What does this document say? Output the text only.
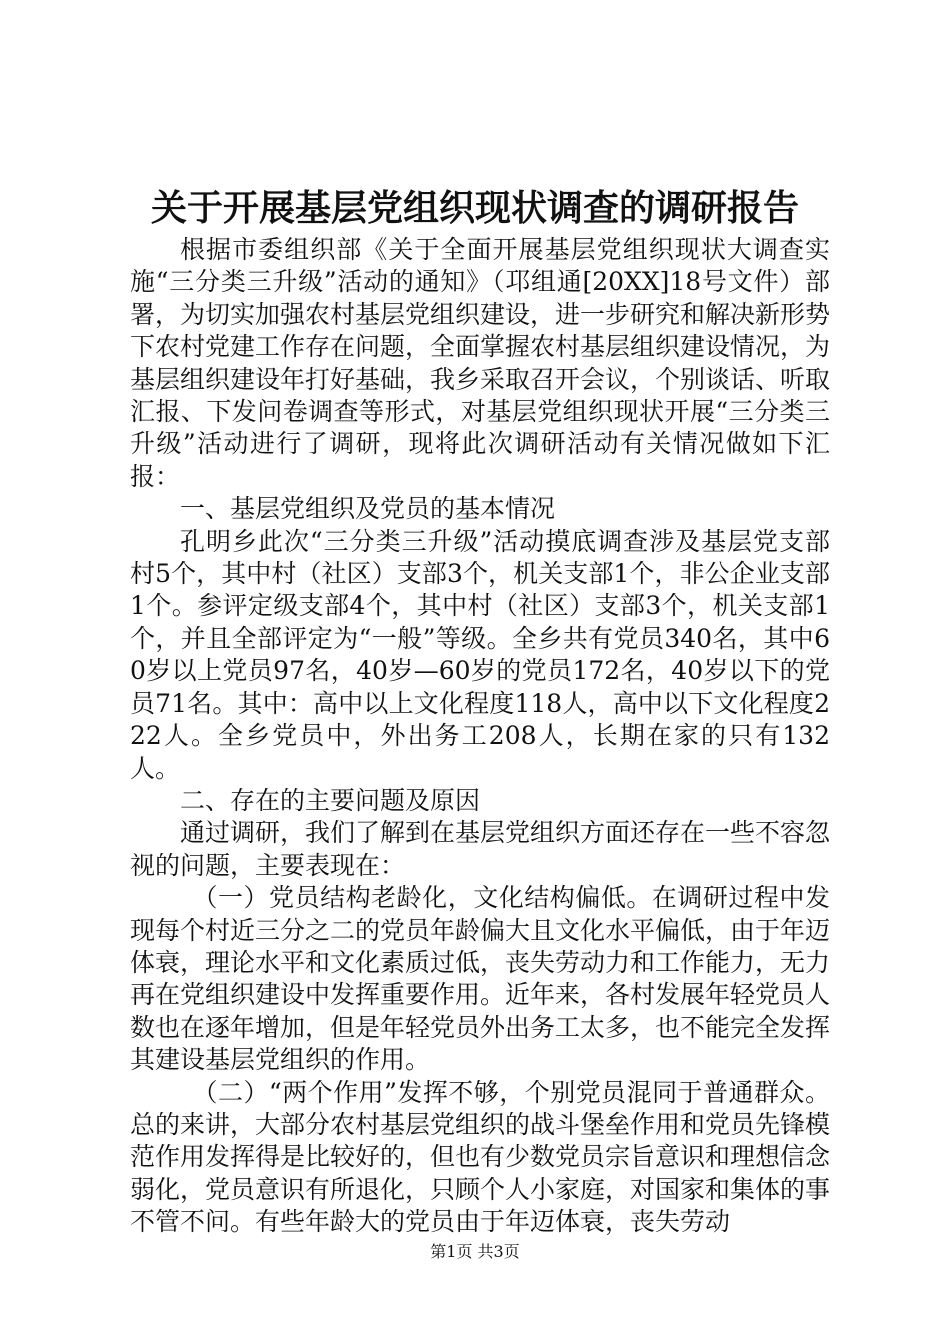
关于开展基层党组织现状调查的调研报告

根据市委组织部《关于全面开展基层党组织现状大调查实施“三分类三升级”活动的通知》（邛组通[20XX]18号文件）部署，为切实加强农村基层党组织建设，进一步研究和解决新形势下农村党建工作存在问题，全面掌握农村基层组织建设情况，为基层组织建设年打好基础，我乡采取召开会议，个别谈话、听取汇报、下发问卷调查等形式，对基层党组织现状开展“三分类三升级”活动进行了调研，现将此次调研活动有关情况做如下汇报：

一、基层党组织及党员的基本情况

孔明乡此次“三分类三升级”活动摸底调查涉及基层党支部村5个，其中村（社区）支部3个，机关支部1个，非公企业支部1个。参评定级支部4个，其中村（社区）支部3个，机关支部1个，并且全部评定为“一般”等级。全乡共有党员340名，其中60岁以上党员97名，40岁—60岁的党员172名，40岁以下的党员71名。其中：高中以上文化程度118人，高中以下文化程度222人。全乡党员中，外出务工208人，长期在家的只有132人。

二、存在的主要问题及原因

通过调研，我们了解到在基层党组织方面还存在一些不容忽视的问题，主要表现在：

（一）党员结构老龄化，文化结构偏低。在调研过程中发现每个村近三分之二的党员年龄偏大且文化水平偏低，由于年迈体衰，理论水平和文化素质过低，丧失劳动力和工作能力，无力再在党组织建设中发挥重要作用。近年来，各村发展年轻党员人数也在逐年增加，但是年轻党员外出务工太多，也不能完全发挥其建设基层党组织的作用。

（二）“两个作用”发挥不够，个别党员混同于普通群众。总的来讲，大部分农村基层党组织的战斗堡垒作用和党员先锋模范作用发挥得是比较好的，但也有少数党员宗旨意识和理想信念弱化，党员意识有所退化，只顾个人小家庭，对国家和集体的事不管不问。有些年龄大的党员由于年迈体衰，丧失劳动

第1页 共3页
